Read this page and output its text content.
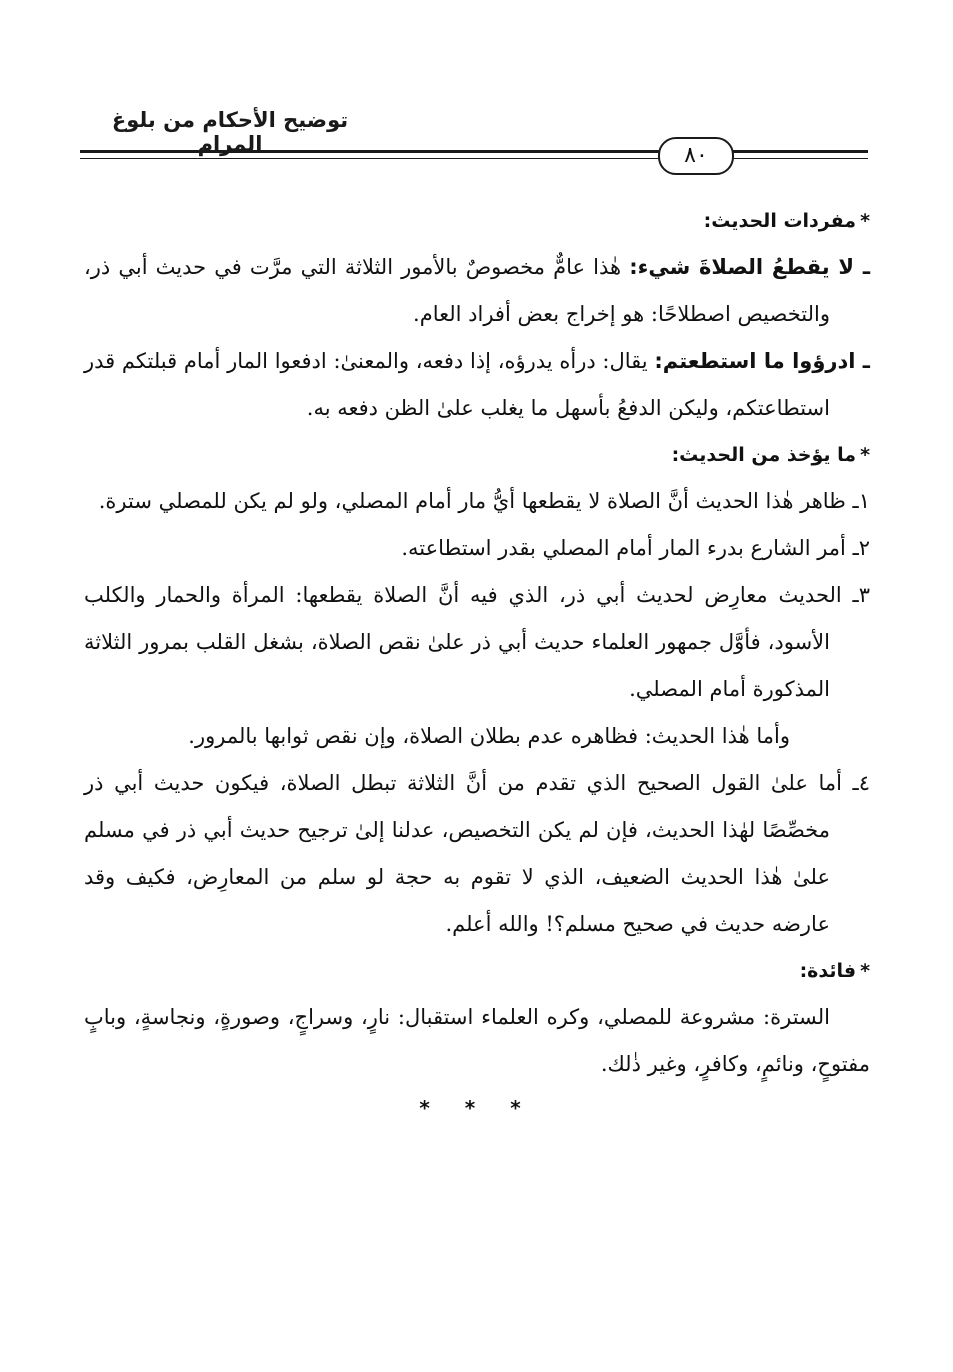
توضيح الأحكام من بلوغ المرام	٨٠

*مفردات الحديث:

ـ لا يقطعُ الصلاةَ شيء: هٰذا عامٌّ مخصوصٌ بالأمور الثلاثة التي مرَّت في حديث أبي ذر، والتخصيص اصطلاحًا: هو إخراج بعض أفراد العام.

ـ ادرؤوا ما استطعتم: يقال: درأه يدرؤه، إذا دفعه، والمعنىٰ: ادفعوا المار أمام قبلتكم قدر استطاعتكم، وليكن الدفعُ بأسهل ما يغلب علىٰ الظن دفعه به.

*ما يؤخذ من الحديث:

١ـ ظاهر هٰذا الحديث أنَّ الصلاة لا يقطعها أيُّ مار أمام المصلي، ولو لم يكن للمصلي سترة.

٢ـ أمر الشارع بدرء المار أمام المصلي بقدر استطاعته.

٣ـ الحديث معارِض لحديث أبي ذر، الذي فيه أنَّ الصلاة يقطعها: المرأة والحمار والكلب الأسود، فأوَّل جمهور العلماء حديث أبي ذر علىٰ نقص الصلاة، بشغل القلب بمرور الثلاثة المذكورة أمام المصلي.

وأما هٰذا الحديث: فظاهره عدم بطلان الصلاة، وإن نقص ثوابها بالمرور.

٤ـ أما علىٰ القول الصحيح الذي تقدم من أنَّ الثلاثة تبطل الصلاة، فيكون حديث أبي ذر مخصِّصًا لهٰذا الحديث، فإن لم يكن التخصيص، عدلنا إلىٰ ترجيح حديث أبي ذر في مسلم علىٰ هٰذا الحديث الضعيف، الذي لا تقوم به حجة لو سلم من المعارِض، فكيف وقد عارضه حديث في صحيح مسلم؟! والله أعلم.

*فائدة:

السترة: مشروعة للمصلي، وكره العلماء استقبال: نارٍ، وسراجٍ، وصورةٍ، ونجاسةٍ، وبابٍ مفتوحٍ، ونائمٍ، وكافرٍ، وغير ذٰلك.

* * *
